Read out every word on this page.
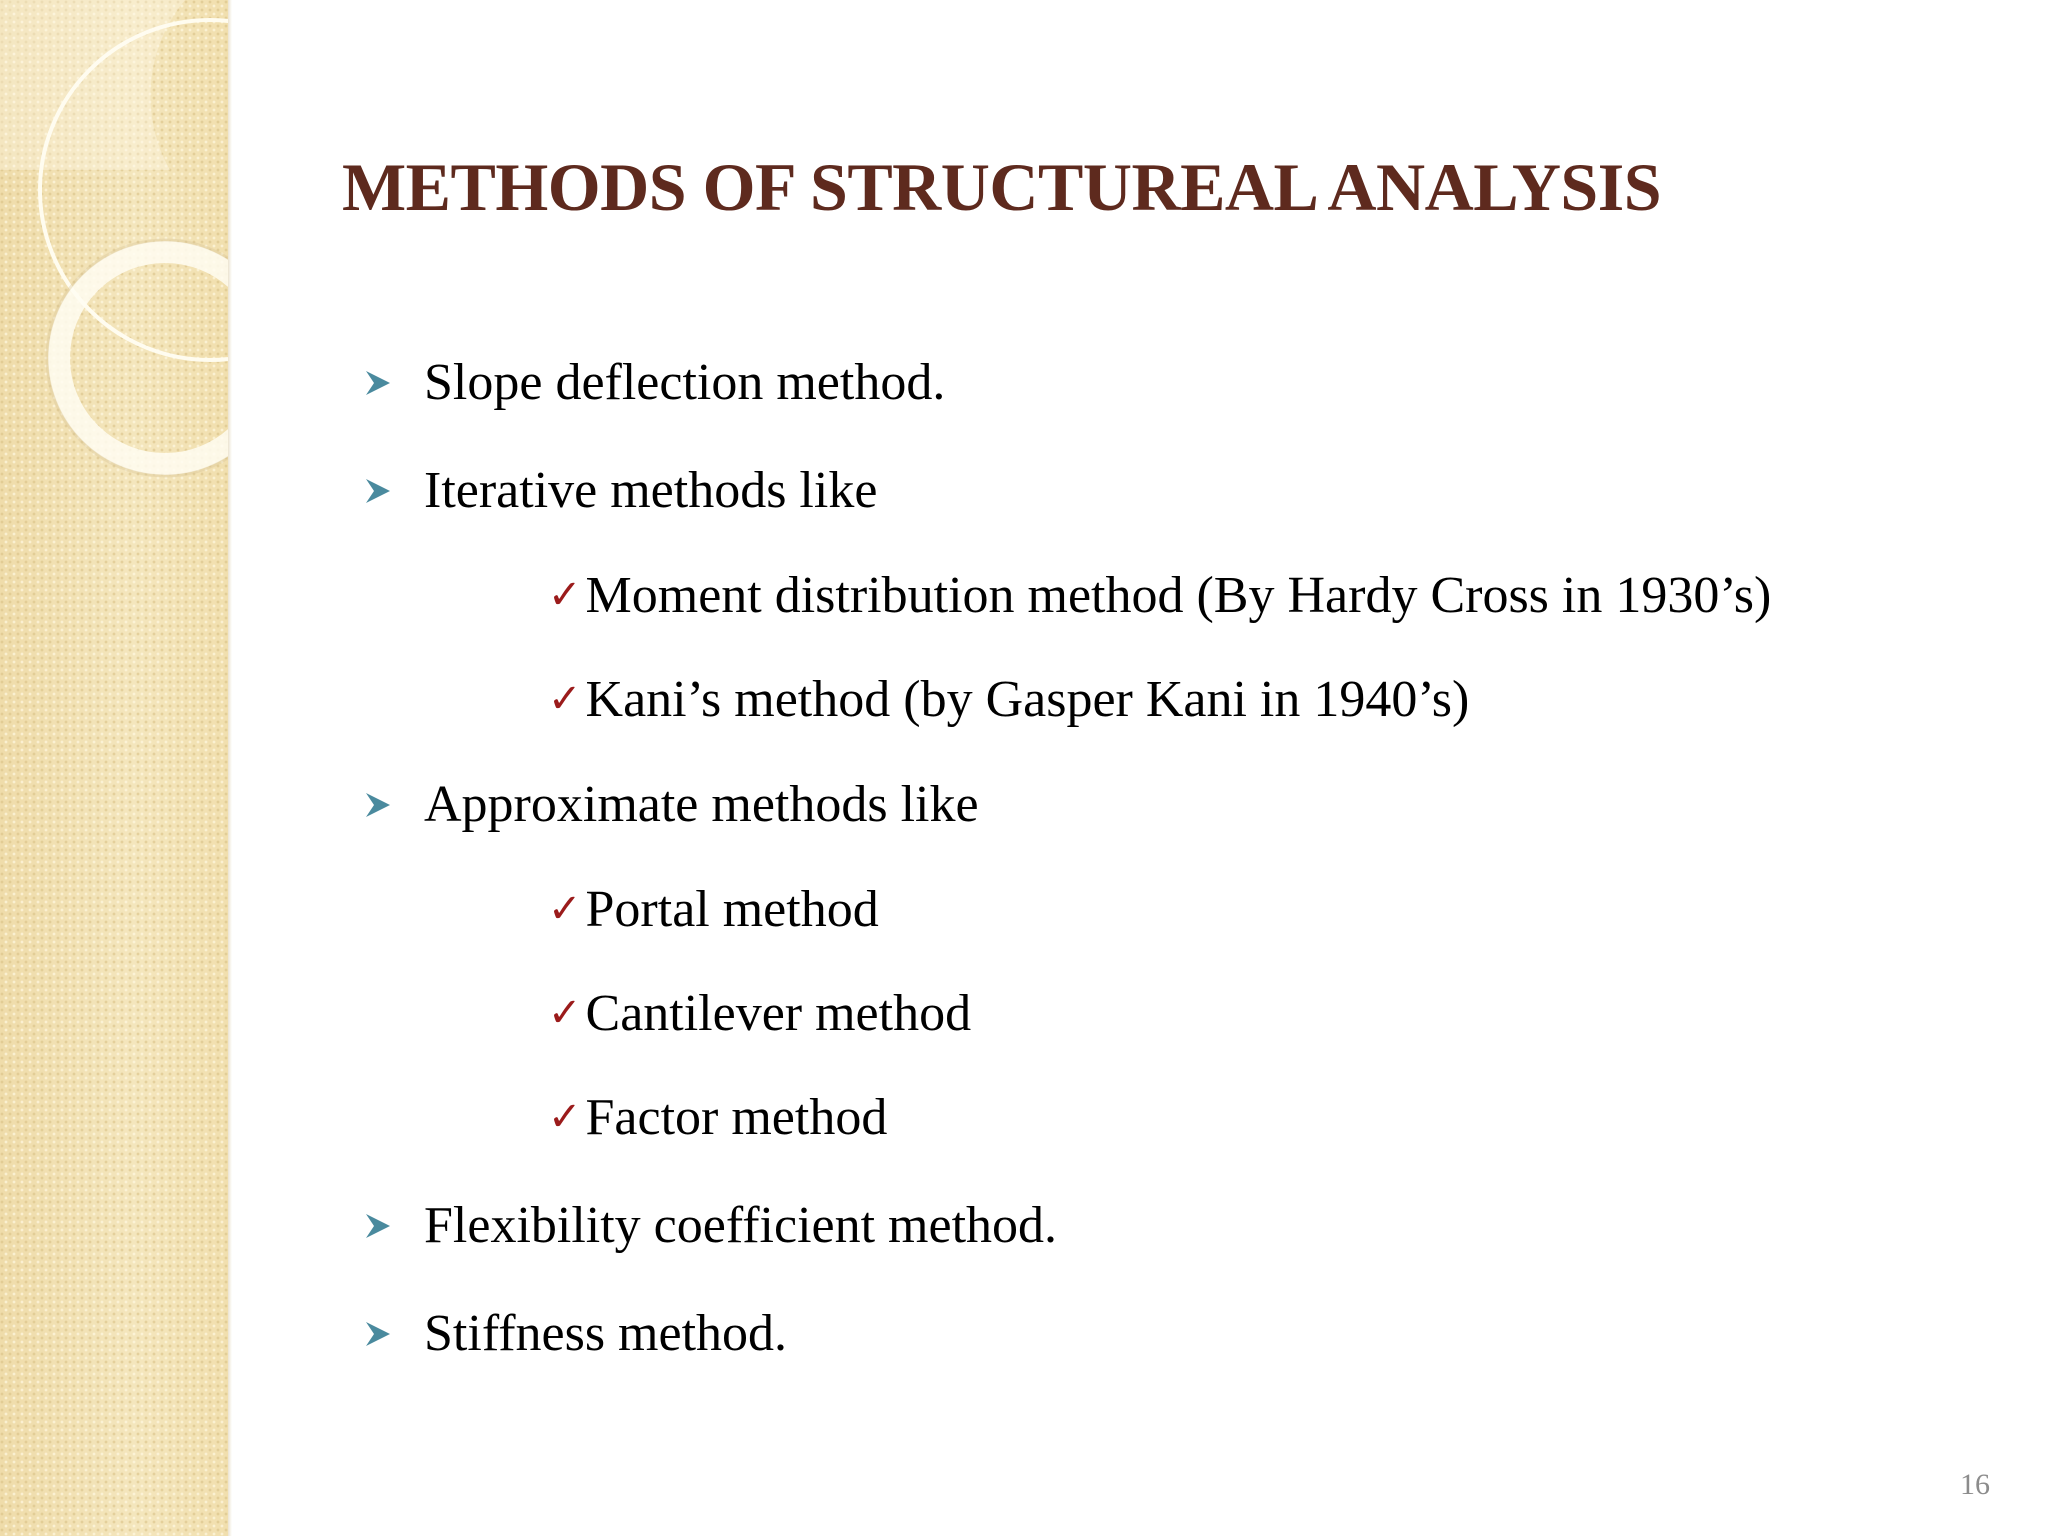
METHODS OF STRUCTUREAL ANALYSIS
Slope deflection method.
Iterative methods like
✓Moment distribution method (By Hardy Cross in 1930’s)
✓Kani’s method (by Gasper Kani in 1940’s)
Approximate methods like
✓Portal method
✓Cantilever method
✓Factor method
Flexibility coefficient method.
Stiffness method.
16
